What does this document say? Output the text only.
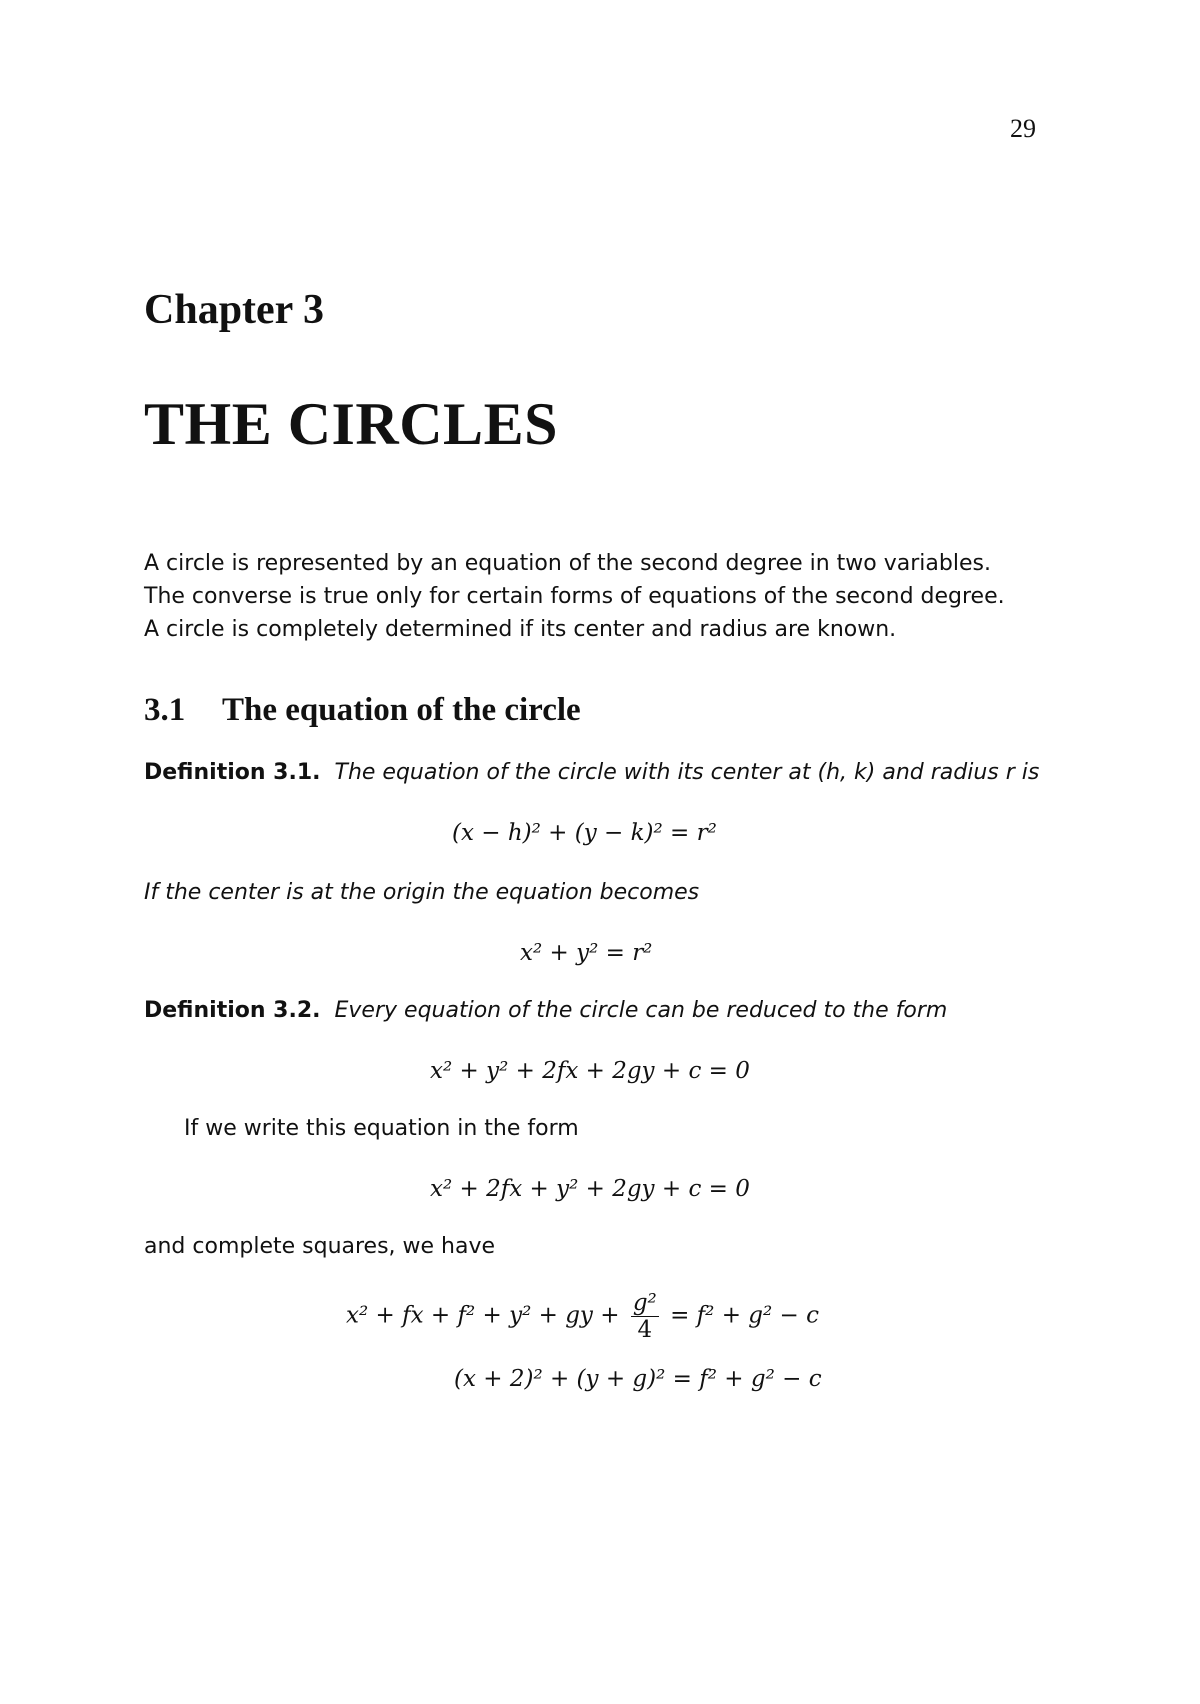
29
Chapter 3
THE CIRCLES
A circle is represented by an equation of the second degree in two variables.
The converse is true only for certain forms of equations of the second degree.
A circle is completely determined if its center and radius are known.
3.1 The equation of the circle
Definition 3.1. The equation of the circle with its center at (h, k) and radius r is
(x − h)² + (y − k)² = r²
If the center is at the origin the equation becomes
x² + y² = r²
Definition 3.2. Every equation of the circle can be reduced to the form
x² + y² + 2fx + 2gy + c = 0
If we write this equation in the form
x² + 2fx + y² + 2gy + c = 0
and complete squares, we have
x² + fx + f² + y² + gy + $\frac{\text{g²}}{4} = f^2 + g^2 - c$
(x + 2)² + (y + g)² = f² + g² − c
